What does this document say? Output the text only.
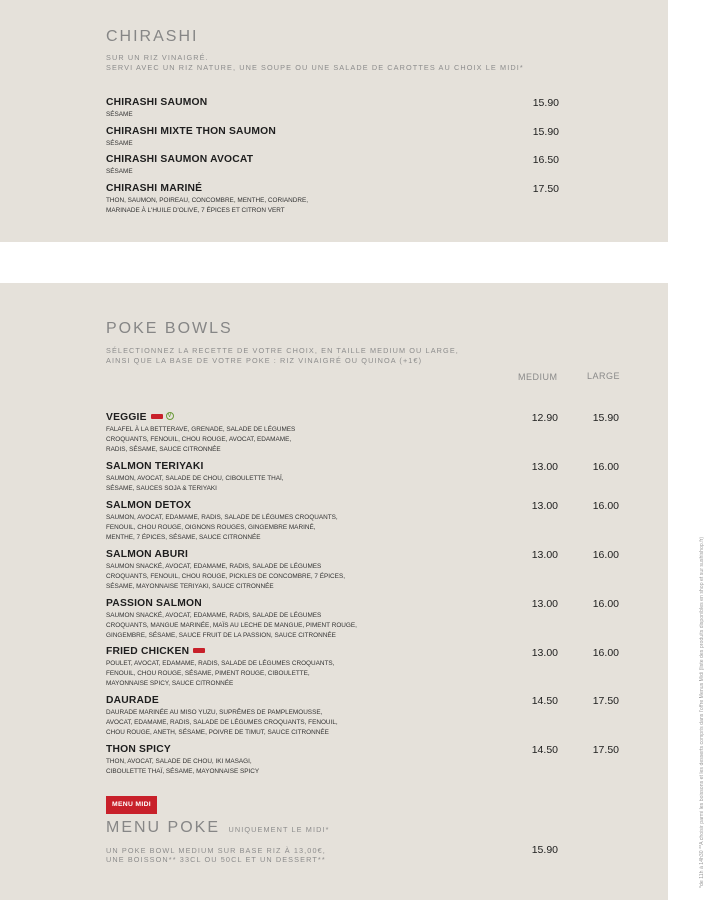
CHIRASHI
SUR UN RIZ VINAIGRÉ.
SERVI AVEC UN RIZ NATURE, UNE SOUPE OU UNE SALADE DE CAROTTES AU CHOIX LE MIDI*
CHIRASHI SAUMON
SÉSAME
15.90
CHIRASHI MIXTE THON SAUMON
SÉSAME
15.90
CHIRASHI SAUMON AVOCAT
SÉSAME
16.50
CHIRASHI MARINÉ
THON, SAUMON, POIREAU, CONCOMBRE, MENTHE, CORIANDRE,
MARINADE À L'HUILE D'OLIVE, 7 ÉPICES ET CITRON VERT
17.50
POKE BOWLS
SÉLECTIONNEZ LA RECETTE DE VOTRE CHOIX, EN TAILLE MEDIUM OU LARGE,
AINSI QUE LA BASE DE VOTRE POKE : RIZ VINAIGRÉ OU QUINOA (+1€)
MEDIUM	LARGE
VEGGIE	V
FALAFEL À LA BETTERAVE, GRENADE, SALADE DE LÉGUMES
CROQUANTS, FENOUIL, CHOU ROUGE, AVOCAT, EDAMAME,
RADIS, SÉSAME, SAUCE CITRONNÉE
12.90	15.90
SALMON TERIYAKI
SAUMON, AVOCAT, SALADE DE CHOU, CIBOULETTE THAÏ,
SÉSAME, SAUCES SOJA & TERIYAKI
13.00	16.00
SALMON DETOX
SAUMON, AVOCAT, EDAMAME, RADIS, SALADE DE LÉGUMES CROQUANTS,
FENOUIL, CHOU ROUGE, OIGNONS ROUGES, GINGEMBRE MARINÉ,
MENTHE, 7 ÉPICES, SÉSAME, SAUCE CITRONNÉE
13.00	16.00
SALMON ABURI
SAUMON SNACKÉ, AVOCAT, EDAMAME, RADIS, SALADE DE LÉGUMES
CROQUANTS, FENOUIL, CHOU ROUGE, PICKLES DE CONCOMBRE, 7 ÉPICES,
SÉSAME, MAYONNAISE TERIYAKI, SAUCE CITRONNÉE
13.00	16.00
PASSION SALMON
SAUMON SNACKÉ, AVOCAT, EDAMAME, RADIS, SALADE DE LÉGUMES
CROQUANTS, MANGUE MARINÉE, MAÏS AU LECHE DE MANGUE, PIMENT ROUGE,
GINGEMBRE, SÉSAME, SAUCE FRUIT DE LA PASSION, SAUCE CITRONNÉE
13.00	16.00
FRIED CHICKEN
POULET, AVOCAT, EDAMAME, RADIS, SALADE DE LÉGUMES CROQUANTS,
FENOUIL, CHOU ROUGE, SÉSAME, PIMENT ROUGE, CIBOULETTE,
MAYONNAISE SPICY, SAUCE CITRONNÉE
13.00	16.00
DAURADE
DAURADE MARINÉE AU MISO YUZU, SUPRÊMES DE PAMPLEMOUSSE,
AVOCAT, EDAMAME, RADIS, SALADE DE LÉGUMES CROQUANTS, FENOUIL,
CHOU ROUGE, ANETH, SÉSAME, POIVRE DE TIMUT, SAUCE CITRONNÉE
14.50	17.50
THON SPICY
THON, AVOCAT, SALADE DE CHOU, IKI MASAGI,
CIBOULETTE THAÏ, SÉSAME, MAYONNAISE SPICY
14.50	17.50
MENU MIDI
MENU POKE UNIQUEMENT LE MIDI*
UN POKE BOWL MEDIUM SUR BASE RIZ À 13,00€,
UNE BOISSON** 33CL OU 50CL ET UN DESSERT**
15.90	*de 11h à 14h30 **A choisir parmi les boissons et les desserts compris dans l'offre Menus Midi (liste des produits disponibles en shop et sur sushishop.fr)
